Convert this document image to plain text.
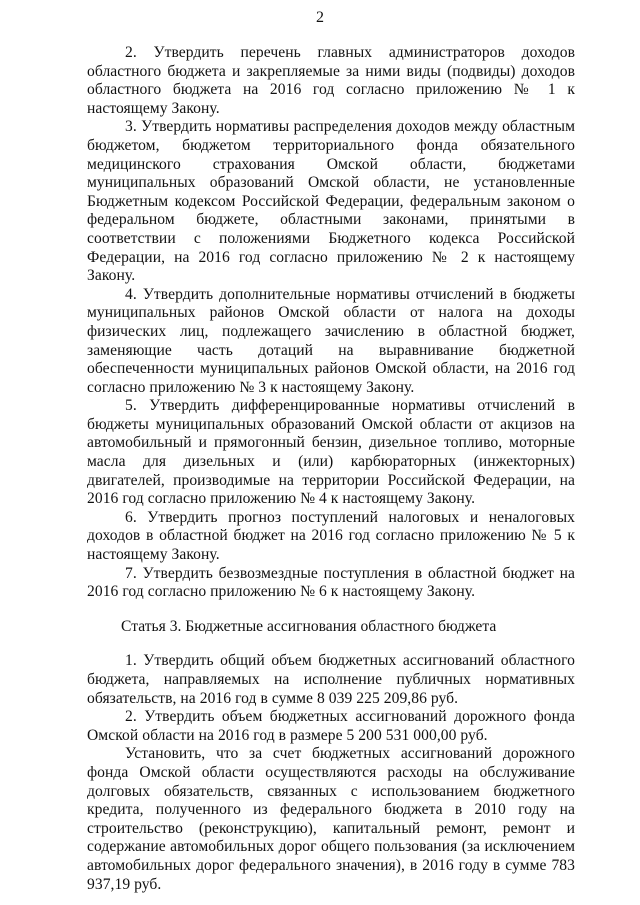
2

2. Утвердить перечень главных администраторов доходов областного бюджета и закрепляемые за ними виды (подвиды) доходов областного бюджета на 2016 год согласно приложению № 1 к настоящему Закону.

3. Утвердить нормативы распределения доходов между областным бюджетом, бюджетом территориального фонда обязательного медицинского страхования Омской области, бюджетами муниципальных образований Омской области, не установленные Бюджетным кодексом Российской Федерации, федеральным законом о федеральном бюджете, областными законами, принятыми в соответствии с положениями Бюджетного кодекса Российской Федерации, на 2016 год согласно приложению № 2 к настоящему Закону.

4. Утвердить дополнительные нормативы отчислений в бюджеты муниципальных районов Омской области от налога на доходы физических лиц, подлежащего зачислению в областной бюджет, заменяющие часть дотаций на выравнивание бюджетной обеспеченности муниципальных районов Омской области, на 2016 год согласно приложению № 3 к настоящему Закону.

5. Утвердить дифференцированные нормативы отчислений в бюджеты муниципальных образований Омской области от акцизов на автомобильный и прямогонный бензин, дизельное топливо, моторные масла для дизельных и (или) карбюраторных (инжекторных) двигателей, производимые на территории Российской Федерации, на 2016 год согласно приложению № 4 к настоящему Закону.

6. Утвердить прогноз поступлений налоговых и неналоговых доходов в областной бюджет на 2016 год согласно приложению № 5 к настоящему Закону.

7. Утвердить безвозмездные поступления в областной бюджет на 2016 год согласно приложению № 6 к настоящему Закону.

Статья 3. Бюджетные ассигнования областного бюджета

1. Утвердить общий объем бюджетных ассигнований областного бюджета, направляемых на исполнение публичных нормативных обязательств, на 2016 год в сумме 8 039 225 209,86 руб.

2. Утвердить объем бюджетных ассигнований дорожного фонда Омской области на 2016 год в размере 5 200 531 000,00 руб.

Установить, что за счет бюджетных ассигнований дорожного фонда Омской области осуществляются расходы на обслуживание долговых обязательств, связанных с использованием бюджетного кредита, полученного из федерального бюджета в 2010 году на строительство (реконструкцию), капитальный ремонт, ремонт и содержание автомобильных дорог общего пользования (за исключением автомобильных дорог федерального значения), в 2016 году в сумме 783 937,19 руб.
